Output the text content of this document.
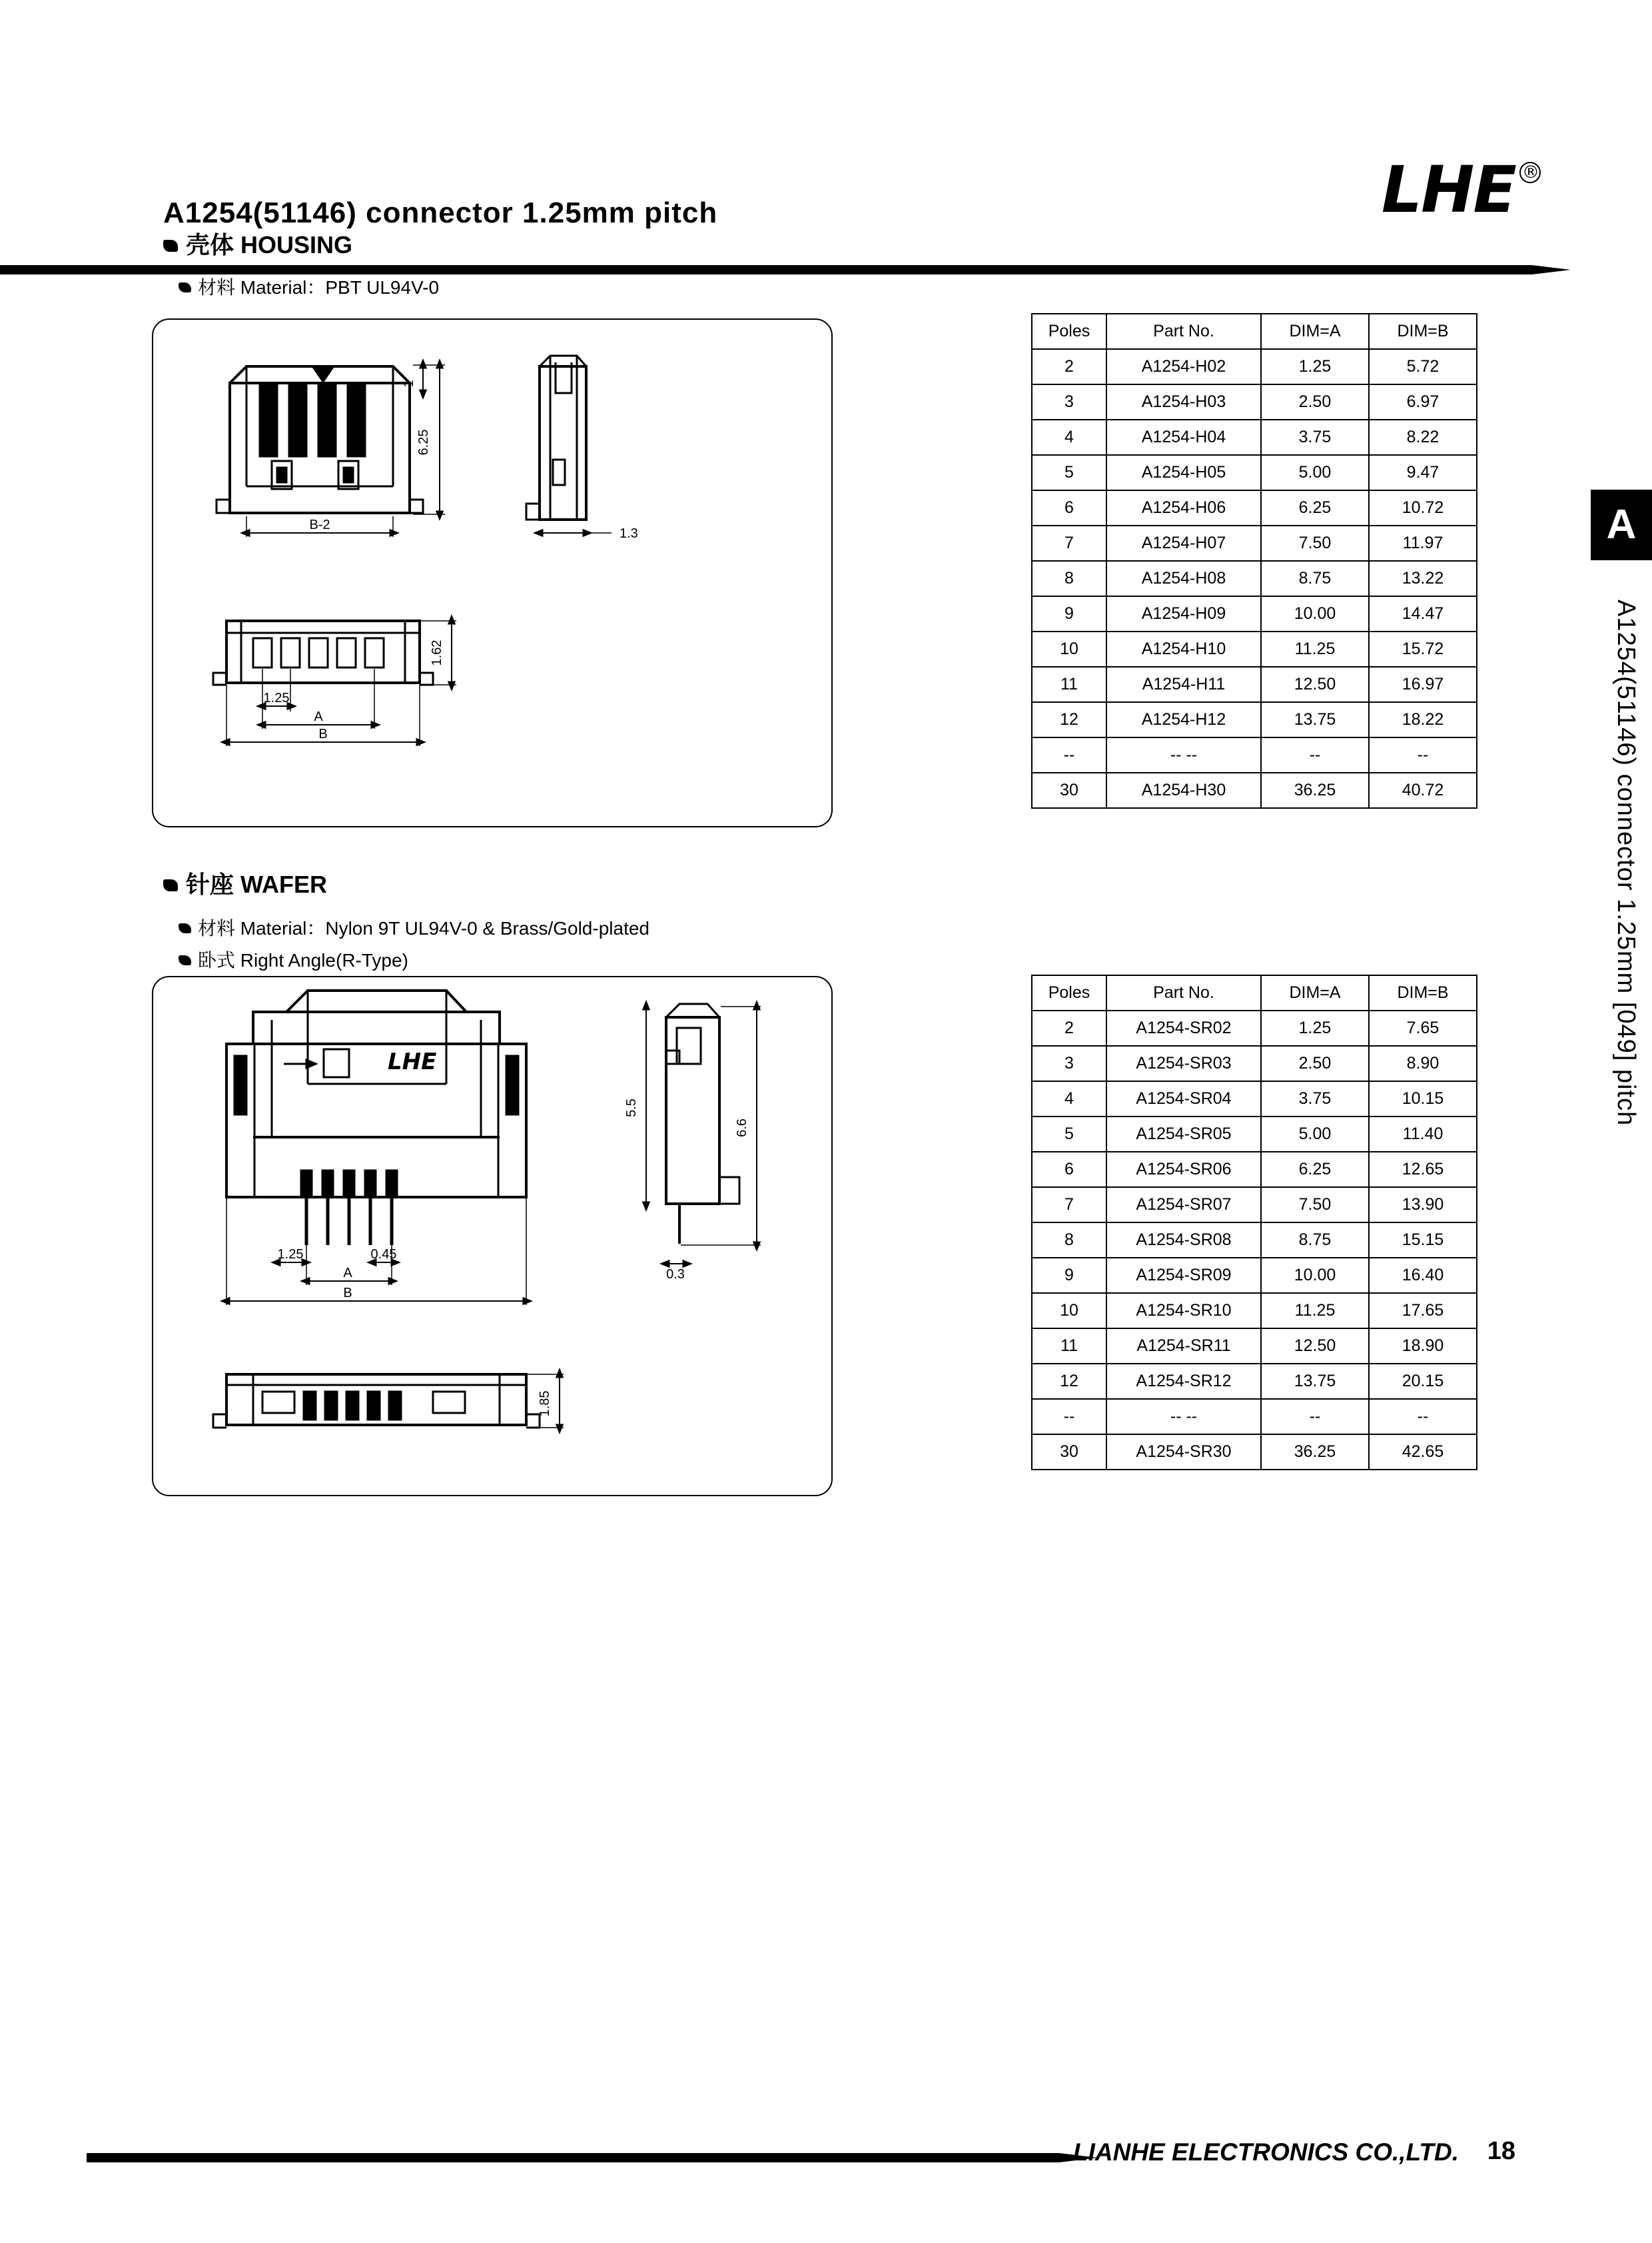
A1254(51146) connector 1.25mm pitch	LHE ®
A
A1254(51146) connector 1.25mm [049] pitch
壳体 HOUSING
材料 Material：PBT UL94V-0
6.25
1
B-2
1.3
1.62
1.25
A
B
Poles	Part No.	DIM=A	DIM=B
2	A1254-H02	1.25	5.72
3	A1254-H03	2.50	6.97
4	A1254-H04	3.75	8.22
5	A1254-H05	5.00	9.47
6	A1254-H06	6.25	10.72
7	A1254-H07	7.50	11.97
8	A1254-H08	8.75	13.22
9	A1254-H09	10.00	14.47
10	A1254-H10	11.25	15.72
11	A1254-H11	12.50	16.97
12	A1254-H12	13.75	18.22
--	-- --	--	--
30	A1254-H30	36.25	40.72
针座 WAFER
材料 Material：Nylon 9T UL94V-0 & Brass/Gold-plated
卧式 Right Angle(R-Type)
1.25	0.45
A
B
5.5
6.6
0.3
1.85
LHE
Poles	Part No.	DIM=A	DIM=B
2	A1254-SR02	1.25	7.65
3	A1254-SR03	2.50	8.90
4	A1254-SR04	3.75	10.15
5	A1254-SR05	5.00	11.40
6	A1254-SR06	6.25	12.65
7	A1254-SR07	7.50	13.90
8	A1254-SR08	8.75	15.15
9	A1254-SR09	10.00	16.40
10	A1254-SR10	11.25	17.65
11	A1254-SR11	12.50	18.90
12	A1254-SR12	13.75	20.15
--	-- --	--	--
30	A1254-SR30	36.25	42.65
LIANHE ELECTRONICS CO.,LTD. 18
